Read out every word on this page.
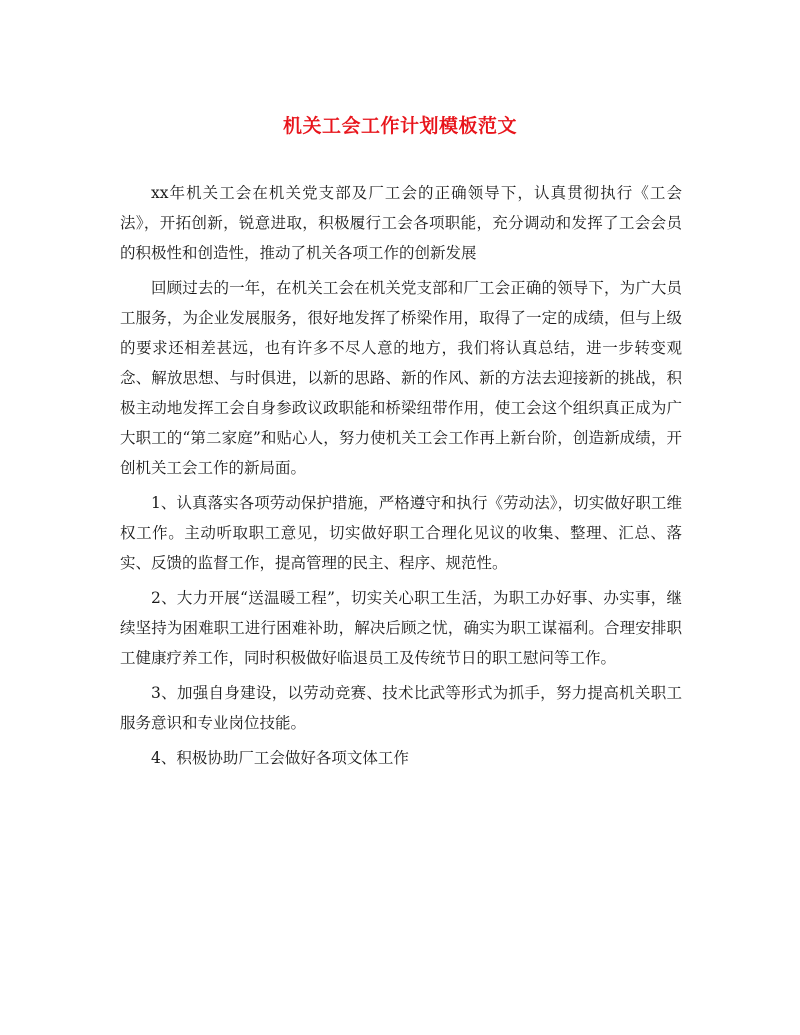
机关工会工作计划模板范文

xx年机关工会在机关党支部及厂工会的正确领导下，认真贯彻执行《工会法》，开拓创新，锐意进取，积极履行工会各项职能，充分调动和发挥了工会会员的积极性和创造性，推动了机关各项工作的创新发展

回顾过去的一年，在机关工会在机关党支部和厂工会正确的领导下，为广大员工服务，为企业发展服务，很好地发挥了桥梁作用，取得了一定的成绩，但与上级的要求还相差甚远，也有许多不尽人意的地方，我们将认真总结，进一步转变观念、解放思想、与时俱进，以新的思路、新的作风、新的方法去迎接新的挑战，积极主动地发挥工会自身参政议政职能和桥梁纽带作用，使工会这个组织真正成为广大职工的“第二家庭”和贴心人，努力使机关工会工作再上新台阶，创造新成绩，开创机关工会工作的新局面。

1、认真落实各项劳动保护措施，严格遵守和执行《劳动法》，切实做好职工维权工作。主动听取职工意见，切实做好职工合理化见议的收集、整理、汇总、落实、反馈的监督工作，提高管理的民主、程序、规范性。

2、大力开展“送温暖工程”，切实关心职工生活，为职工办好事、办实事，继续坚持为困难职工进行困难补助，解决后顾之忧，确实为职工谋福利。合理安排职工健康疗养工作，同时积极做好临退员工及传统节日的职工慰问等工作。

3、加强自身建设，以劳动竞赛、技术比武等形式为抓手，努力提高机关职工服务意识和专业岗位技能。

4、积极协助厂工会做好各项文体工作
